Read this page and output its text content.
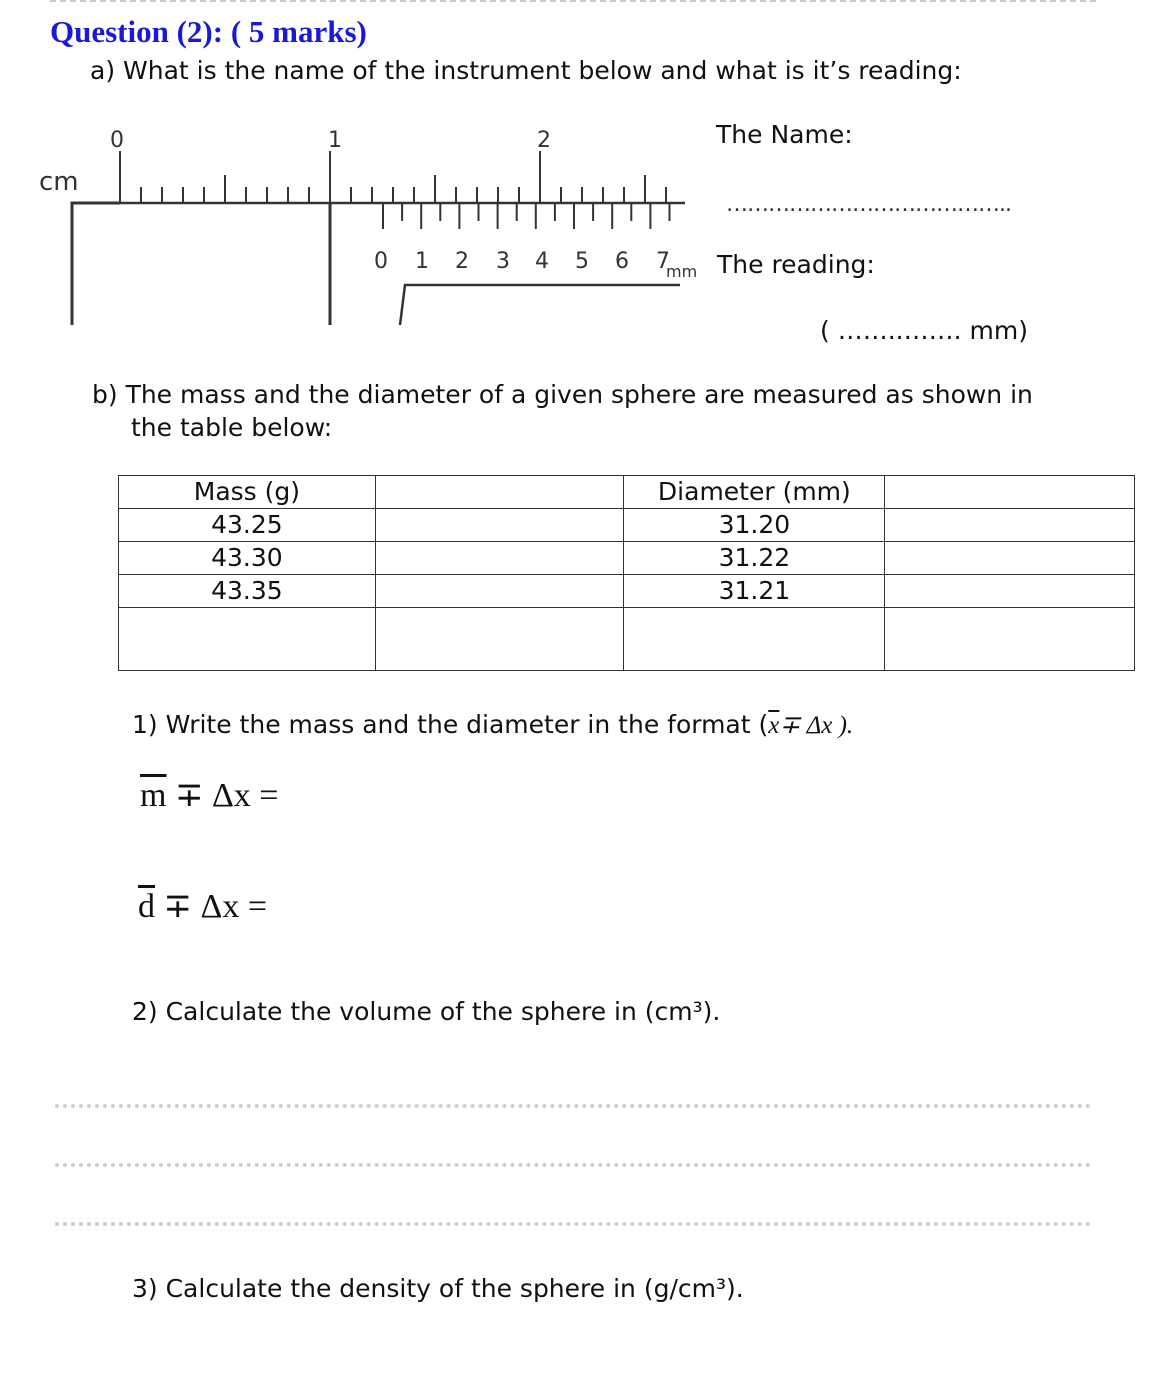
Question (2): ( 5 marks)
a) What is the name of the instrument below and what is it’s reading:
cm
0	1	2
0 1 2 3 4 5 6 7
mm
The Name:
…………………………………..
The reading:
( ……..……. mm)
b) The mass and the diameter of a given sphere are measured as shown in
the table below:
Mass (g)		Diameter (mm)	
43.25		31.20	
43.30		31.22	
43.35		31.21	

1) Write the mass and the diameter in the format ($\overline{x}\mp \Delta x$ ).
$\overline{m} \mp \Delta x$ =
$\overline{d} \mp \Delta x$ =
2) Calculate the volume of the sphere in (cm³).
3) Calculate the density of the sphere in (g/cm³).
